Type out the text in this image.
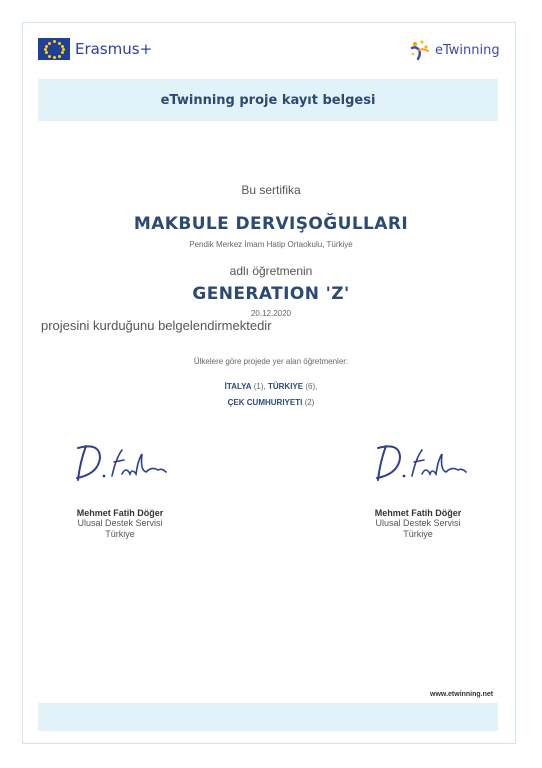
Erasmus+	eTwinning
eTwinning proje kayıt belgesi
Bu sertifika
MAKBULE DERVIŞOĞULLARI
Pendik Merkez İmam Hatip Ortaokulu, Türkiye
adlı öğretmenin
GENERATION 'Z'
20.12.2020
projesini kurduğunu belgelendirmektedir
Ülkelere göre projede yer alan öğretmenler:
İTALYA (1), TÜRKIYE (6),
ÇEK CUMHURIYETI (2)
Mehmet Fatih Döğer
Ulusal Destek Servisi
Türkiye
Mehmet Fatih Döğer
Ulusal Destek Servisi
Türkiye
www.etwinning.net
